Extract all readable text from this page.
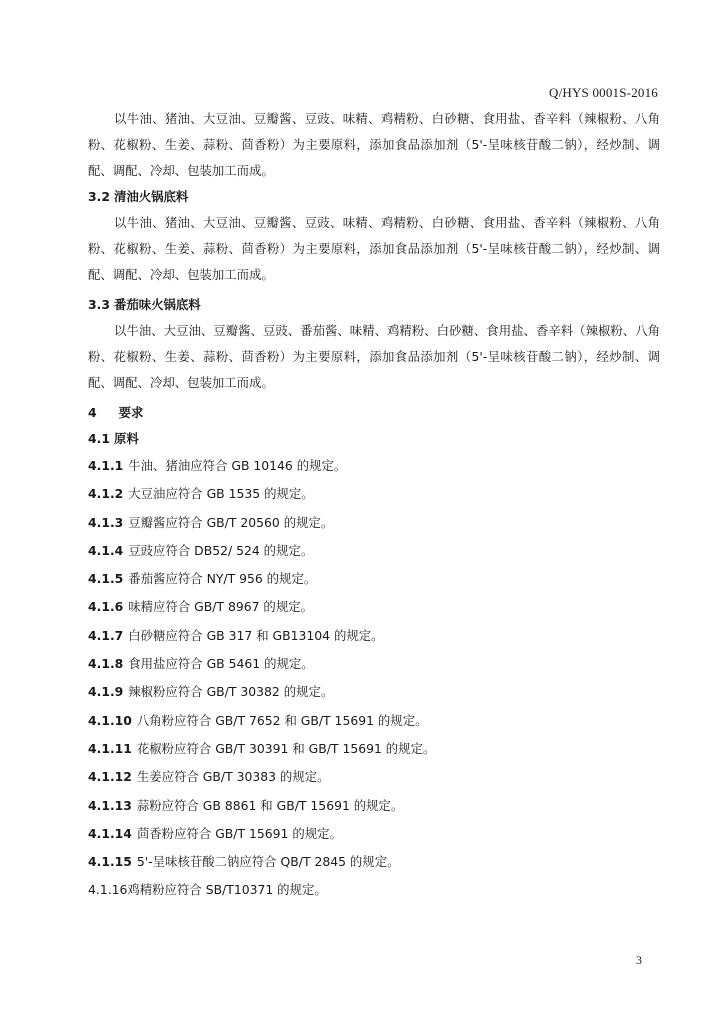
Q/HYS 0001S-2016

以牛油、猪油、大豆油、豆瓣酱、豆豉、味精、鸡精粉、白砂糖、食用盐、香辛料（辣椒粉、八角粉、花椒粉、生姜、蒜粉、茴香粉）为主要原料，添加食品添加剂（5'-呈味核苷酸二钠），经炒制、调配、调配、冷却、包装加工而成。

3.2 清油火锅底料

以牛油、猪油、大豆油、豆瓣酱、豆豉、味精、鸡精粉、白砂糖、食用盐、香辛料（辣椒粉、八角粉、花椒粉、生姜、蒜粉、茴香粉）为主要原料，添加食品添加剂（5'-呈味核苷酸二钠），经炒制、调配、调配、冷却、包装加工而成。

3.3 番茄味火锅底料

以牛油、大豆油、豆瓣酱、豆豉、番茄酱、味精、鸡精粉、白砂糖、食用盐、香辛料（辣椒粉、八角粉、花椒粉、生姜、蒜粉、茴香粉）为主要原料，添加食品添加剂（5'-呈味核苷酸二钠），经炒制、调配、调配、冷却、包装加工而成。

4 要求
4.1 原料

4.1.1 牛油、猪油应符合 GB 10146 的规定。

4.1.2 大豆油应符合 GB 1535 的规定。

4.1.3 豆瓣酱应符合 GB/T 20560 的规定。

4.1.4 豆豉应符合 DB52/ 524 的规定。

4.1.5 番茄酱应符合 NY/T 956 的规定。

4.1.6 味精应符合 GB/T 8967 的规定。

4.1.7 白砂糖应符合 GB 317 和 GB13104 的规定。

4.1.8 食用盐应符合 GB 5461 的规定。

4.1.9 辣椒粉应符合 GB/T 30382 的规定。

4.1.10 八角粉应符合 GB/T 7652 和 GB/T 15691 的规定。

4.1.11 花椒粉应符合 GB/T 30391 和 GB/T 15691 的规定。

4.1.12 生姜应符合 GB/T 30383 的规定。

4.1.13 蒜粉应符合 GB 8861 和 GB/T 15691 的规定。

4.1.14 茴香粉应符合 GB/T 15691 的规定。

4.1.15 5'-呈味核苷酸二钠应符合 QB/T 2845 的规定。

4.1.16鸡精粉应符合 SB/T10371 的规定。

3
